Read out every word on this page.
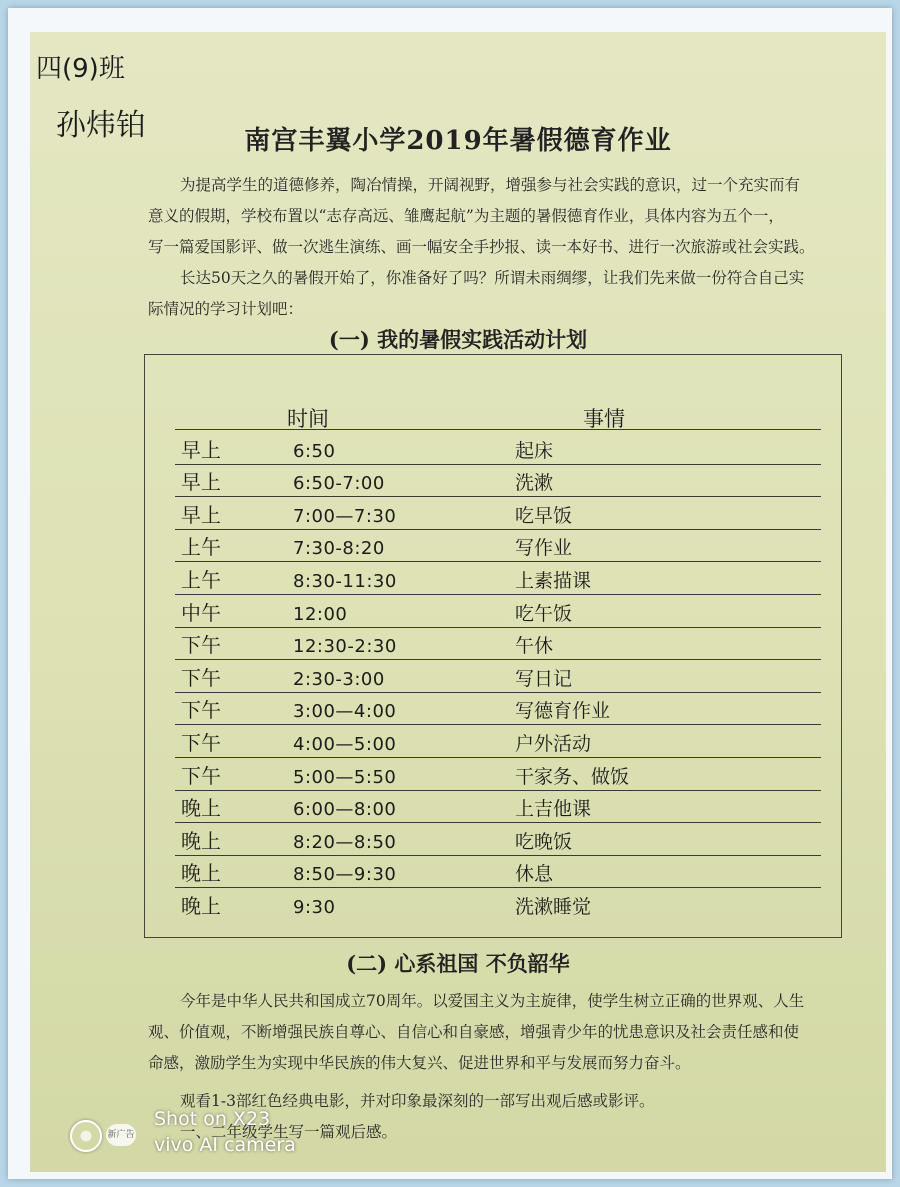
四(9)班
孙炜铂	南宫丰翼小学2019年暑假德育作业

为提高学生的道德修养，陶冶情操，开阔视野，增强参与社会实践的意识，过一个充实而有

意义的假期，学校布置以“志存高远、雏鹰起航”为主题的暑假德育作业，具体内容为五个一，

写一篇爱国影评、做一次逃生演练、画一幅安全手抄报、读一本好书、进行一次旅游或社会实践。

长达50天之久的暑假开始了，你准备好了吗？所谓未雨绸缪，让我们先来做一份符合自己实

际情况的学习计划吧：

(一) 我的暑假实践活动计划
时间	事情
早上	6:50	起床
早上	6:50-7:00	洗漱
早上	7:00—7:30	吃早饭
上午	7:30-8:20	写作业
上午	8:30-11:30	上素描课
中午	12:00	吃午饭
下午	12:30-2:30	午休
下午	2:30-3:00	写日记
下午	3:00—4:00	写德育作业
下午	4:00—5:00	户外活动
下午	5:00—5:50	干家务、做饭
晚上	6:00—8:00	上吉他课
晚上	8:20—8:50	吃晚饭
晚上	8:50—9:30	休息
晚上	9:30	洗漱睡觉
(二) 心系祖国 不负韶华

今年是中华人民共和国成立70周年。以爱国主义为主旋律，使学生树立正确的世界观、人生

观、价值观，不断增强民族自尊心、自信心和自豪感，增强青少年的忧患意识及社会责任感和使

命感，激励学生为实现中华民族的伟大复兴、促进世界和平与发展而努力奋斗。

观看1-3部红色经典电影，并对印象最深刻的一部写出观后感或影评。

一、二年级学生写一篇观后感。

新广告
Shot on X23
vivo AI camera
